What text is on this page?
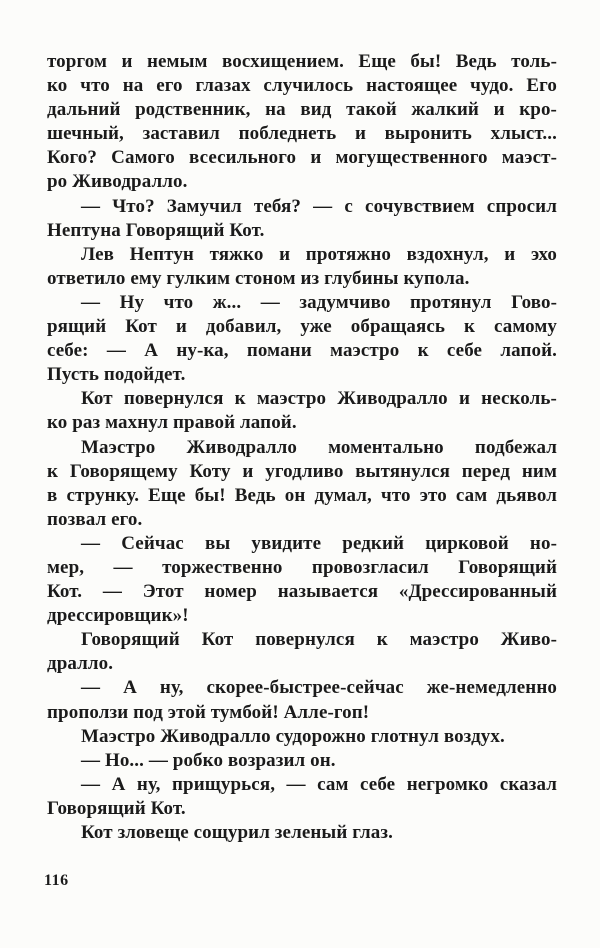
торгом и немым восхищением. Еще бы! Ведь толь-
ко что на его глазах случилось настоящее чудо. Его
дальний родственник, на вид такой жалкий и кро-
шечный, заставил побледнеть и выронить хлыст...
Кого? Самого всесильного и могущественного маэст-
ро Живодралло.
— Что? Замучил тебя? — с сочувствием спросил
Нептуна Говорящий Кот.
Лев Нептун тяжко и протяжно вздохнул, и эхо
ответило ему гулким стоном из глубины купола.
— Ну что ж... — задумчиво протянул Гово-
рящий Кот и добавил, уже обращаясь к самому
себе: — А ну-ка, помани маэстро к себе лапой.
Пусть подойдет.
Кот повернулся к маэстро Живодралло и несколь-
ко раз махнул правой лапой.
Маэстро Живодралло моментально подбежал
к Говорящему Коту и угодливо вытянулся перед ним
в струнку. Еще бы! Ведь он думал, что это сам дьявол
позвал его.
— Сейчас вы увидите редкий цирковой но-
мер, — торжественно провозгласил Говорящий
Кот. — Этот номер называется «Дрессированный
дрессировщик»!
Говорящий Кот повернулся к маэстро Живо-
дралло.
— А ну, скорее-быстрее-сейчас же-немедленно
проползи под этой тумбой! Алле-гоп!
Маэстро Живодралло судорожно глотнул воздух.
— Но... — робко возразил он.
— А ну, прищурься, — сам себе негромко сказал
Говорящий Кот.
Кот зловеще сощурил зеленый глаз.
116
